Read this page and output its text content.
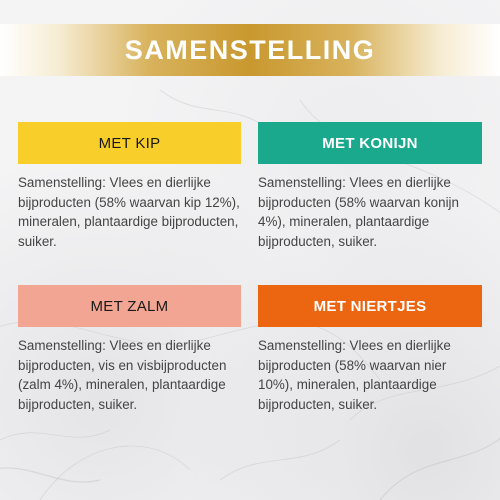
SAMENSTELLING
MET KIP
Samenstelling: Vlees en dierlijke bijproducten (58% waarvan kip 12%), mineralen, plantaardige bijproducten, suiker.
MET KONIJN
Samenstelling: Vlees en dierlijke bijproducten (58% waarvan konijn 4%), mineralen, plantaardige bijproducten, suiker.
MET ZALM
Samenstelling: Vlees en dierlijke bijproducten, vis en visbijproducten (zalm 4%), mineralen, plantaardige bijproducten, suiker.
MET NIERTJES
Samenstelling: Vlees en dierlijke bijproducten (58% waarvan nier 10%), mineralen, plantaardige bijproducten, suiker.
